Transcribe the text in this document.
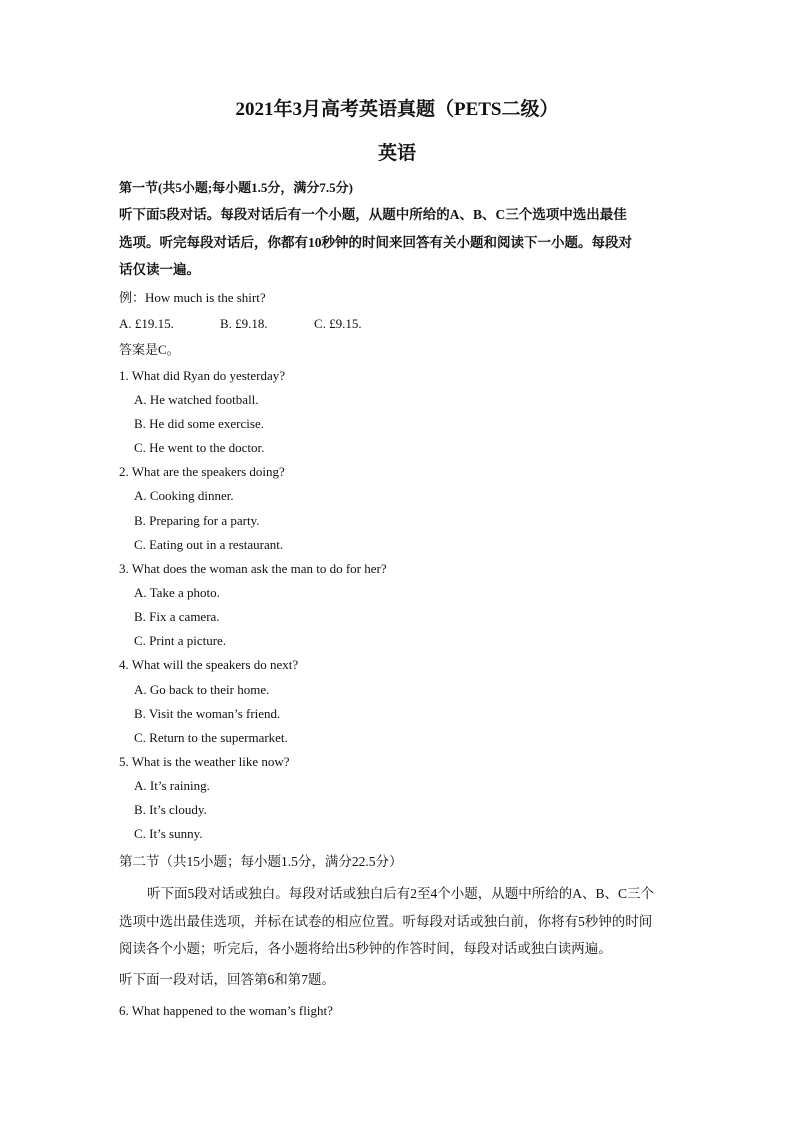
2021年3月高考英语真题（PETS二级）
英语
第一节(共5小题;每小题1.5分，满分7.5分)
听下面5段对话。每段对话后有一个小题，从题中所给的A、B、C三个选项中选出最佳
选项。听完每段对话后，你都有10秒钟的时间来回答有关小题和阅读下一小题。每段对
话仅读一遍。
例：How much is the shirt?
A. £19.15.	B. £9.18.	C. £9.15.
答案是C。
1. What did Ryan do yesterday?
A. He watched football.
B. He did some exercise.
C. He went to the doctor.
2. What are the speakers doing?
A. Cooking dinner.
B. Preparing for a party.
C. Eating out in a restaurant.
3. What does the woman ask the man to do for her?
A. Take a photo.
B. Fix a camera.
C. Print a picture.
4. What will the speakers do next?
A. Go back to their home.
B. Visit the woman’s friend.
C. Return to the supermarket.
5. What is the weather like now?
A. It’s raining.
B. It’s cloudy.
C. It’s sunny.
第二节（共15小题；每小题1.5分，满分22.5分）
听下面5段对话或独白。每段对话或独白后有2至4个小题，从题中所给的A、B、C三个
选项中选出最佳选项，并标在试卷的相应位置。听每段对话或独白前，你将有5秒钟的时间
阅读各个小题；听完后，各小题将给出5秒钟的作答时间，每段对话或独白读两遍。
听下面一段对话，回答第6和第7题。
6. What happened to the woman’s flight?
